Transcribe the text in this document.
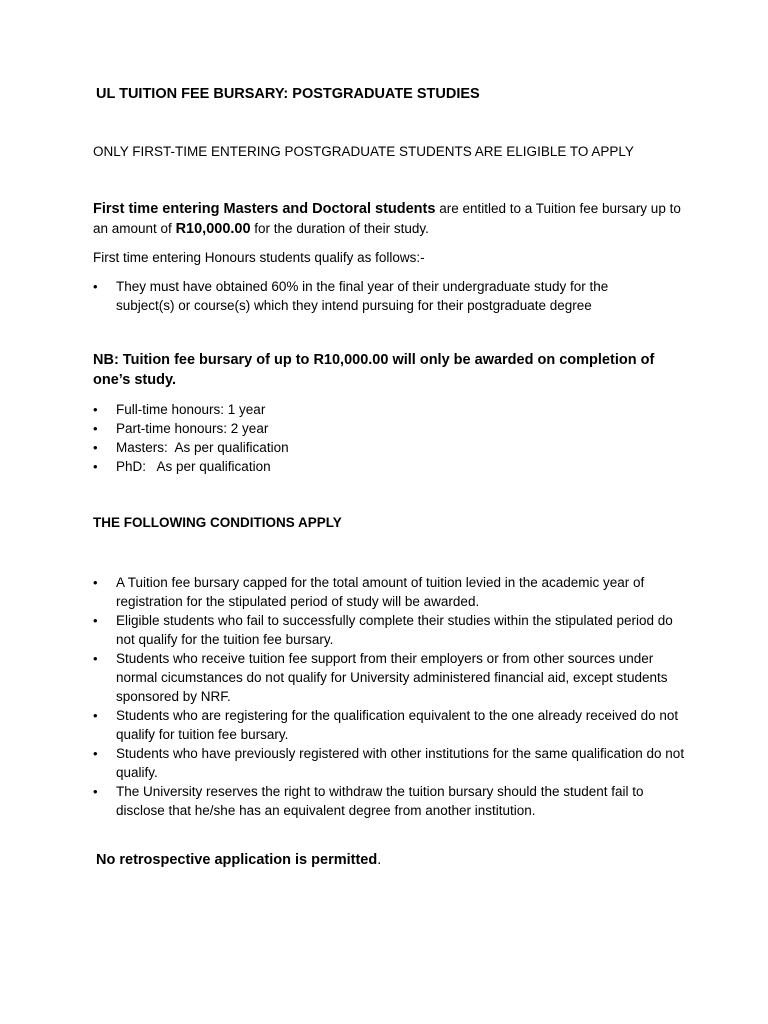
UL TUITION FEE BURSARY: POSTGRADUATE STUDIES
ONLY FIRST-TIME ENTERING POSTGRADUATE STUDENTS ARE ELIGIBLE TO APPLY
First time entering Masters and Doctoral students are entitled to a Tuition fee bursary up to an amount of R10,000.00 for the duration of their study.
First time entering Honours students qualify as follows:-
•	They must have obtained 60% in the final year of their undergraduate study for the subject(s) or course(s) which they intend pursuing for their postgraduate degree
NB: Tuition fee bursary of up to R10,000.00 will only be awarded on completion of one’s study.
•	Full-time honours: 1 year
•	Part-time honours: 2 year
•	Masters:  As per qualification
•	PhD:   As per qualification
THE FOLLOWING CONDITIONS APPLY
•	A Tuition fee bursary capped for the total amount of tuition levied in the academic year of registration for the stipulated period of study will be awarded.
•	Eligible students who fail to successfully complete their studies within the stipulated period do not qualify for the tuition fee bursary.
•	Students who receive tuition fee support from their employers or from other sources under normal cicumstances do not qualify for University administered financial aid, except students sponsored by NRF.
•	Students who are registering for the qualification equivalent to the one already received do not qualify for tuition fee bursary.
•	Students who have previously registered with other institutions for the same qualification do not qualify.
•	The University reserves the right to withdraw the tuition bursary should the student fail to disclose that he/she has an equivalent degree from another institution.
No retrospective application is permitted.
